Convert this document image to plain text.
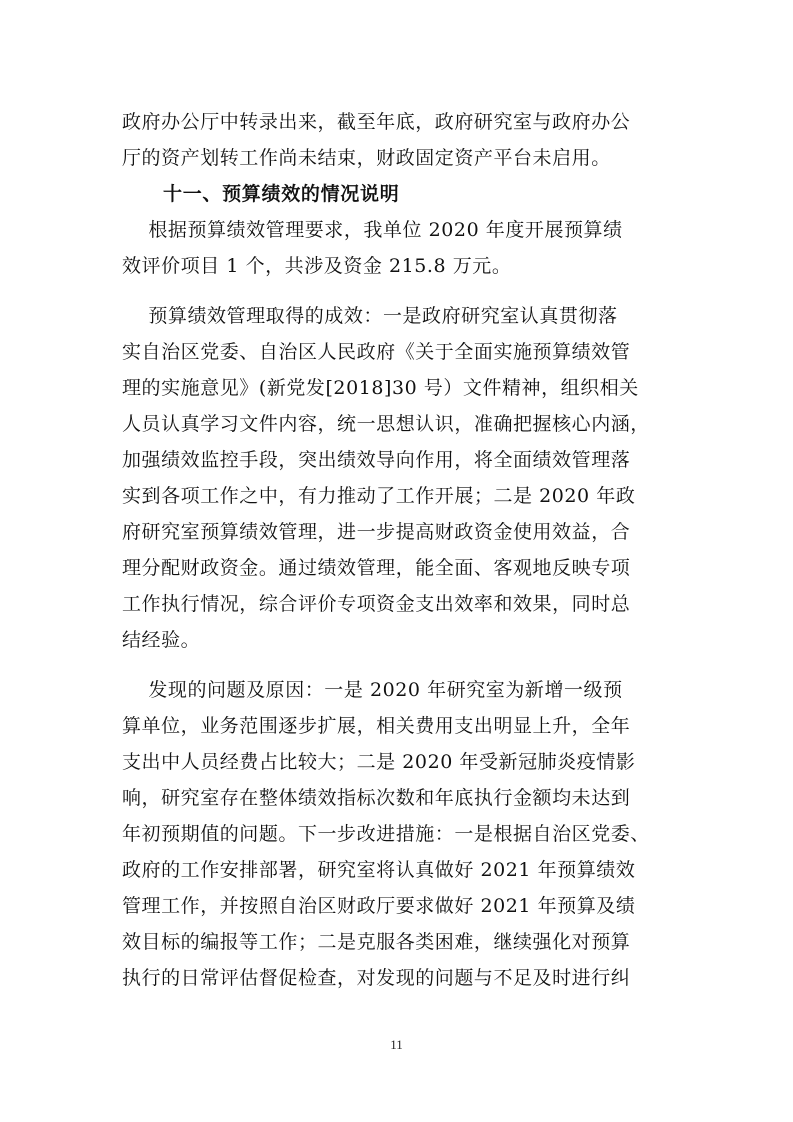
政府办公厅中转录出来，截至年底，政府研究室与政府办公
厅的资产划转工作尚未结束，财政固定资产平台未启用。
十一、预算绩效的情况说明
根据预算绩效管理要求，我单位 2020 年度开展预算绩
效评价项目 1 个，共涉及资金 215.8 万元。
预算绩效管理取得的成效：一是政府研究室认真贯彻落
实自治区党委、自治区人民政府《关于全面实施预算绩效管
理的实施意见》(新党发[2018]30 号）文件精神，组织相关
人员认真学习文件内容，统一思想认识，准确把握核心内涵，
加强绩效监控手段，突出绩效导向作用，将全面绩效管理落
实到各项工作之中，有力推动了工作开展；二是 2020 年政
府研究室预算绩效管理，进一步提高财政资金使用效益，合
理分配财政资金。通过绩效管理，能全面、客观地反映专项
工作执行情况，综合评价专项资金支出效率和效果，同时总
结经验。
发现的问题及原因：一是 2020 年研究室为新增一级预
算单位，业务范围逐步扩展，相关费用支出明显上升，全年
支出中人员经费占比较大；二是 2020 年受新冠肺炎疫情影
响，研究室存在整体绩效指标次数和年底执行金额均未达到
年初预期值的问题。下一步改进措施：一是根据自治区党委、
政府的工作安排部署，研究室将认真做好 2021 年预算绩效
管理工作，并按照自治区财政厅要求做好 2021 年预算及绩
效目标的编报等工作；二是克服各类困难，继续强化对预算
执行的日常评估督促检查，对发现的问题与不足及时进行纠
11
